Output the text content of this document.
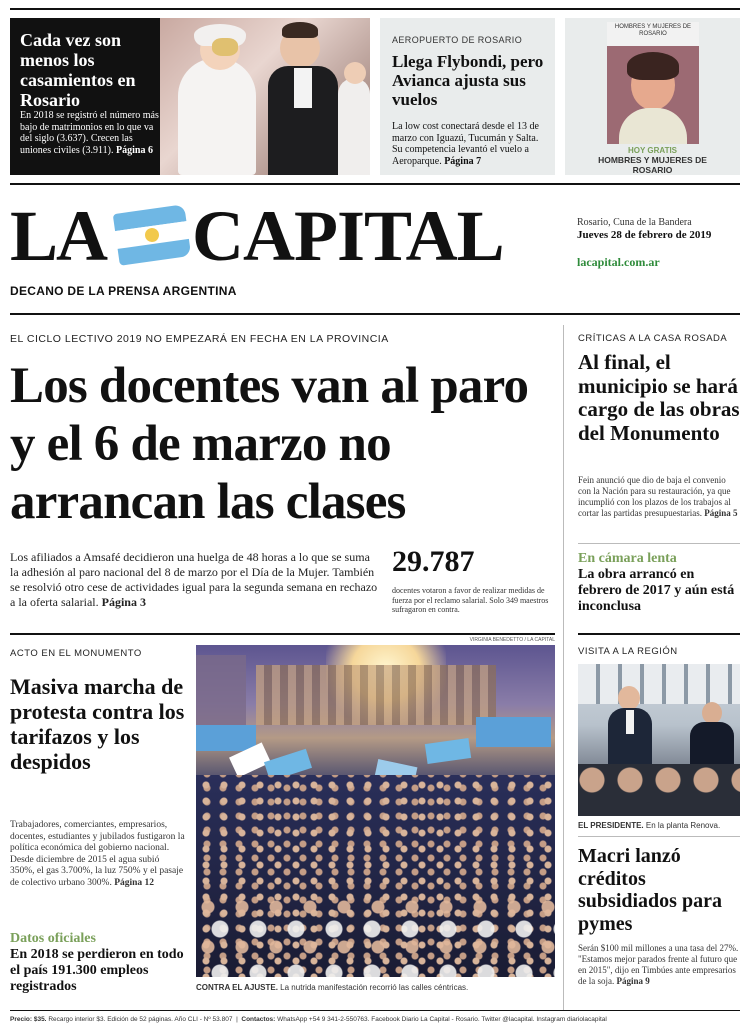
Cada vez son menos los casamientos en Rosario
En 2018 se registró el número más bajo de matrimonios en lo que va del siglo (3.637). Crecen las uniones civiles (3.911). Página 6
AEROPUERTO DE ROSARIO
Llega Flybondi, pero Avianca ajusta sus vuelos
La low cost conectará desde el 13 de marzo con Iguazú, Tucumán y Salta. Su competencia levantó el vuelo a Aeroparque. Página 7
HOMBRES Y MUJERES DE ROSARIO
HOY GRATIS
HOMBRES Y MUJERES DE ROSARIO
LA CAPITAL
DECANO DE LA PRENSA ARGENTINA
Rosario, Cuna de la Bandera
Jueves 28 de febrero de 2019
lacapital.com.ar
EL CICLO LECTIVO 2019 NO EMPEZARÁ EN FECHA EN LA PROVINCIA
Los docentes van al paro y el 6 de marzo no arrancan las clases
Los afiliados a Amsafé decidieron una huelga de 48 horas a lo que se suma la adhesión al paro nacional del 8 de marzo por el Día de la Mujer. También se resolvió otro cese de actividades igual para la segunda semana en rechazo a la oferta salarial. Página 3
29.787
docentes votaron a favor de realizar medidas de fuerza por el reclamo salarial. Solo 349 maestros sufragaron en contra.
CRÍTICAS A LA CASA ROSADA
Al final, el municipio se hará cargo de las obras del Monumento
Fein anunció que dio de baja el convenio con la Nación para su restauración, ya que incumplió con los plazos de los trabajos al cortar las partidas presupuestarias. Página 5
En cámara lenta
La obra arrancó en febrero de 2017 y aún está inconclusa
ACTO EN EL MONUMENTO
Masiva marcha de protesta contra los tarifazos y los despidos
Trabajadores, comerciantes, empresarios, docentes, estudiantes y jubilados fustigaron la política económica del gobierno nacional. Desde diciembre de 2015 el agua subió 350%, el gas 3.700%, la luz 750% y el pasaje de colectivo urbano 300%. Página 12
Datos oficiales
En 2018 se perdieron en todo el país 191.300 empleos registrados
VIRGINIA BENEDETTO / LA CAPITAL
CONTRA EL AJUSTE. La nutrida manifestación recorrió las calles céntricas.
VISITA A LA REGIÓN
EL PRESIDENTE. En la planta Renova.
Macri lanzó créditos subsidiados para pymes
Serán $100 mil millones a una tasa del 27%. "Estamos mejor parados frente al futuro que en 2015", dijo en Timbúes ante empresarios de la soja. Página 9
Precio: $35. Recargo interior $3. Edición de 52 páginas. Año CLI - Nº 53.807  |  Contactos: WhatsApp +54 9 341-2-550763. Facebook Diario La Capital - Rosario. Twitter @lacapital. Instagram diariolacapital
